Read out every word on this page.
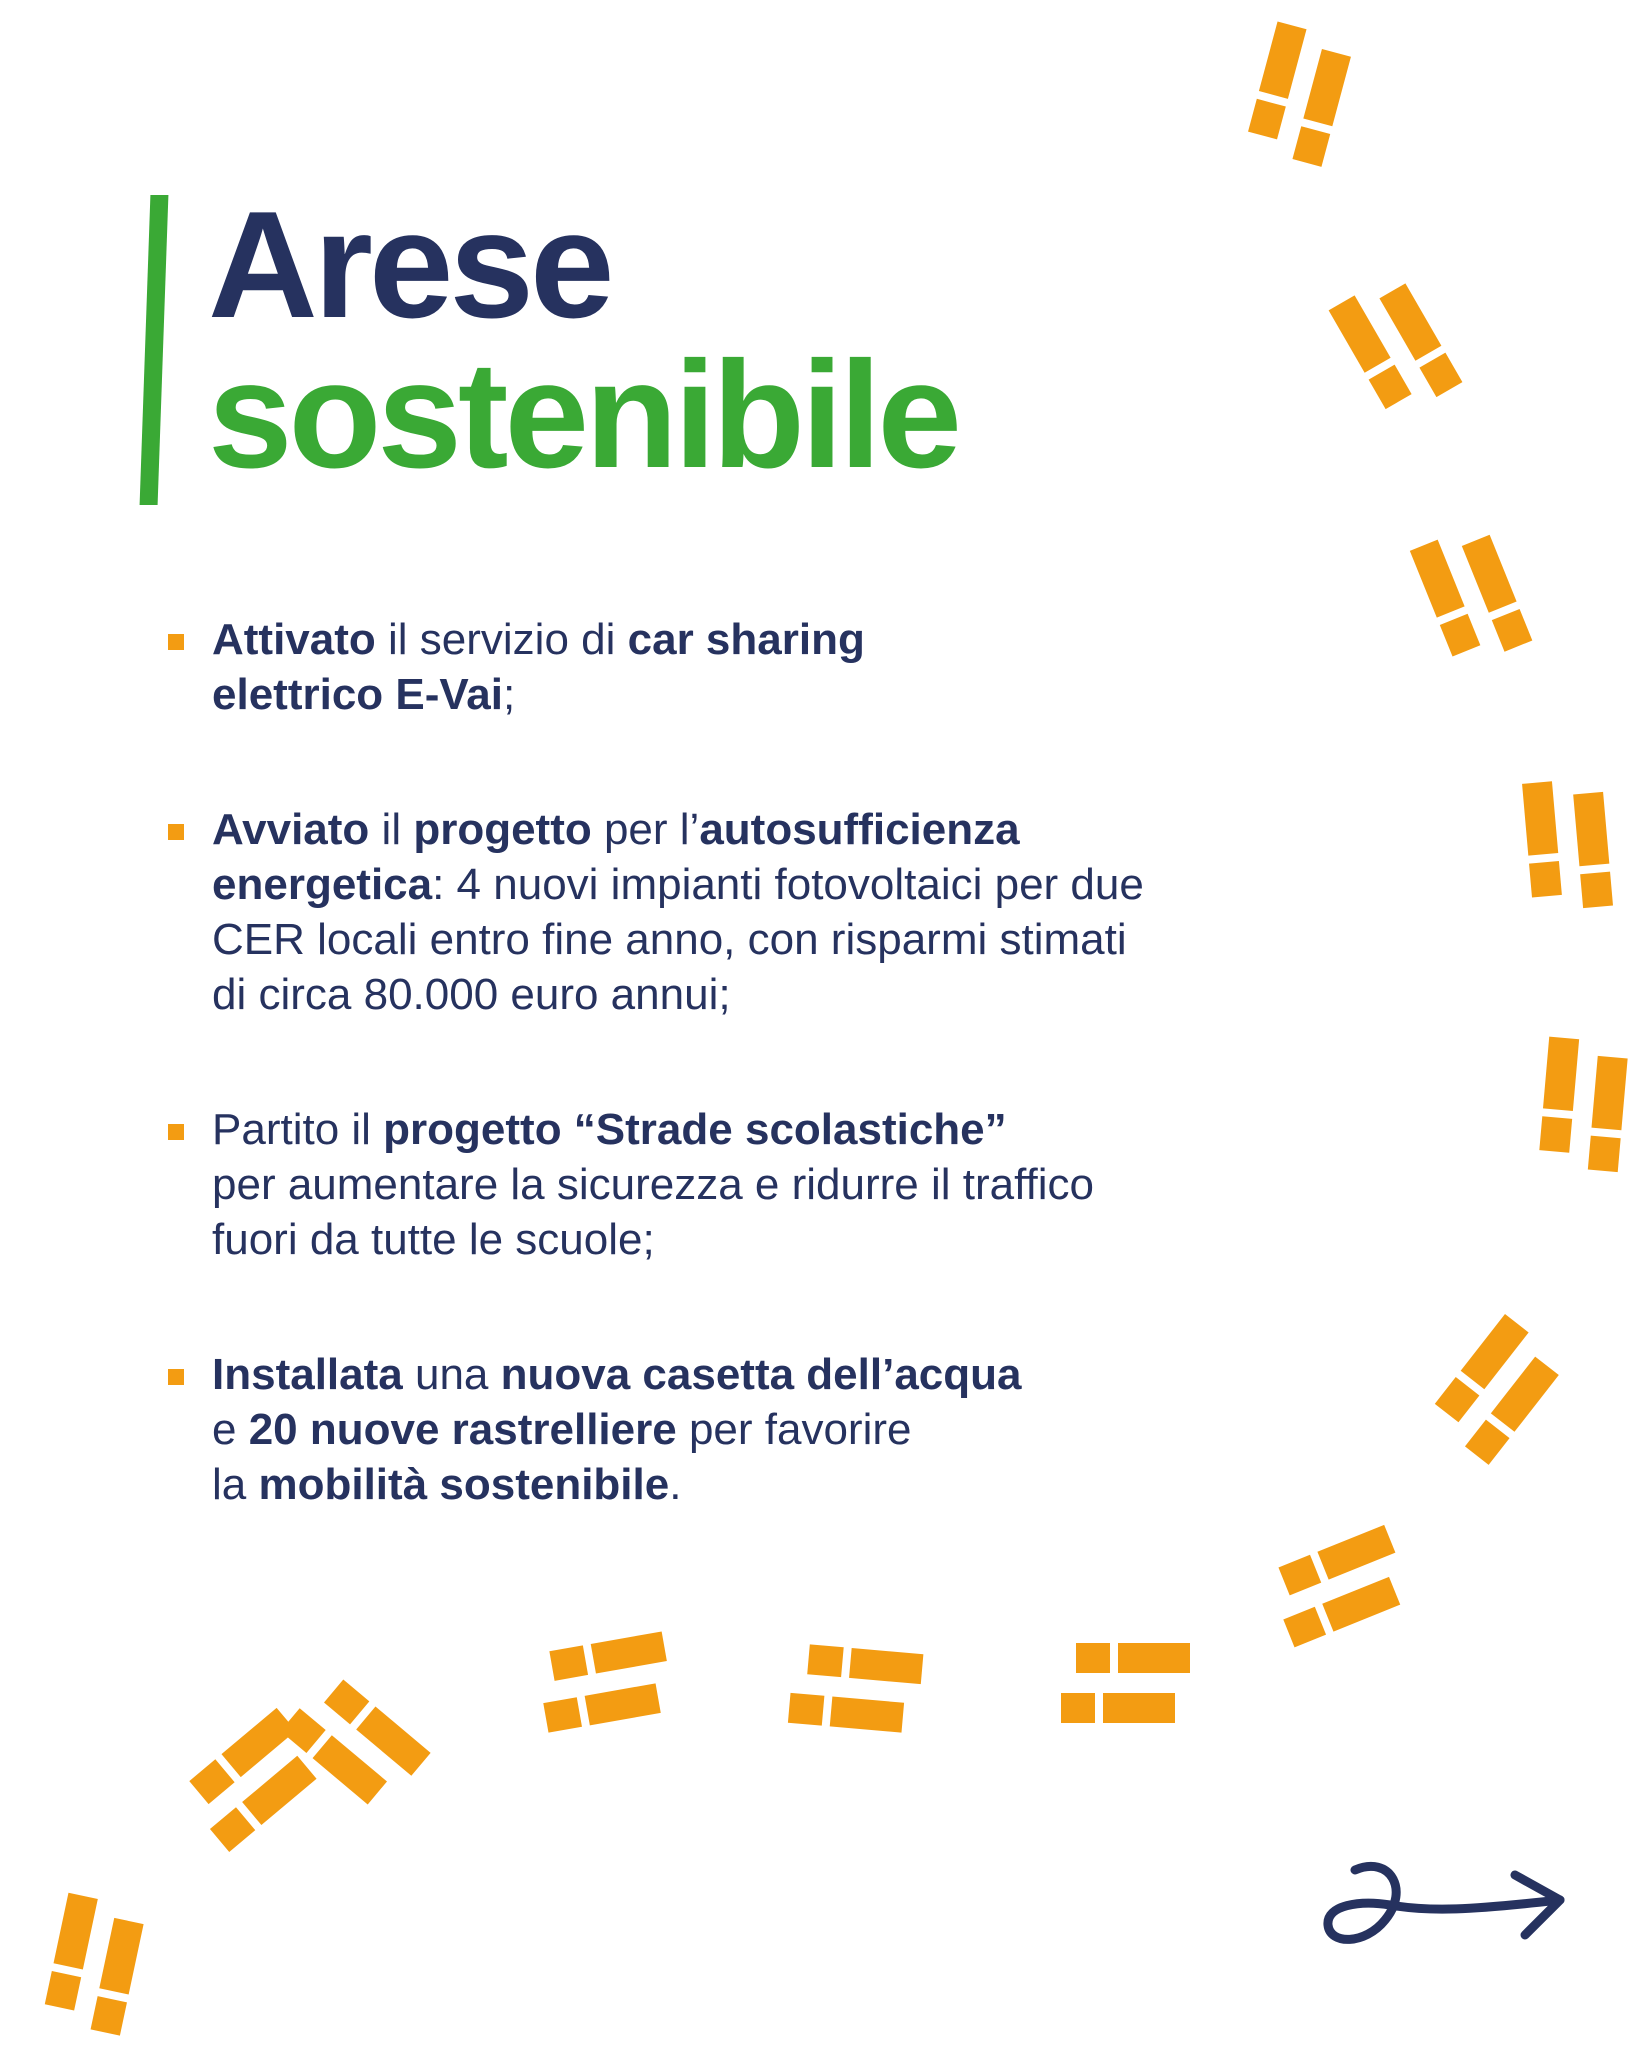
Arese
sostenibile
Attivato il servizio di car sharing
elettrico E-Vai;
Avviato il progetto per l’autosufficienza
energetica: 4 nuovi impianti fotovoltaici per due
CER locali entro fine anno, con risparmi stimati
di circa 80.000 euro annui;
Partito il progetto “Strade scolastiche”
per aumentare la sicurezza e ridurre il traffico
fuori da tutte le scuole;
Installata una nuova casetta dell’acqua
e 20 nuove rastrelliere per favorire
la mobilità sostenibile.
